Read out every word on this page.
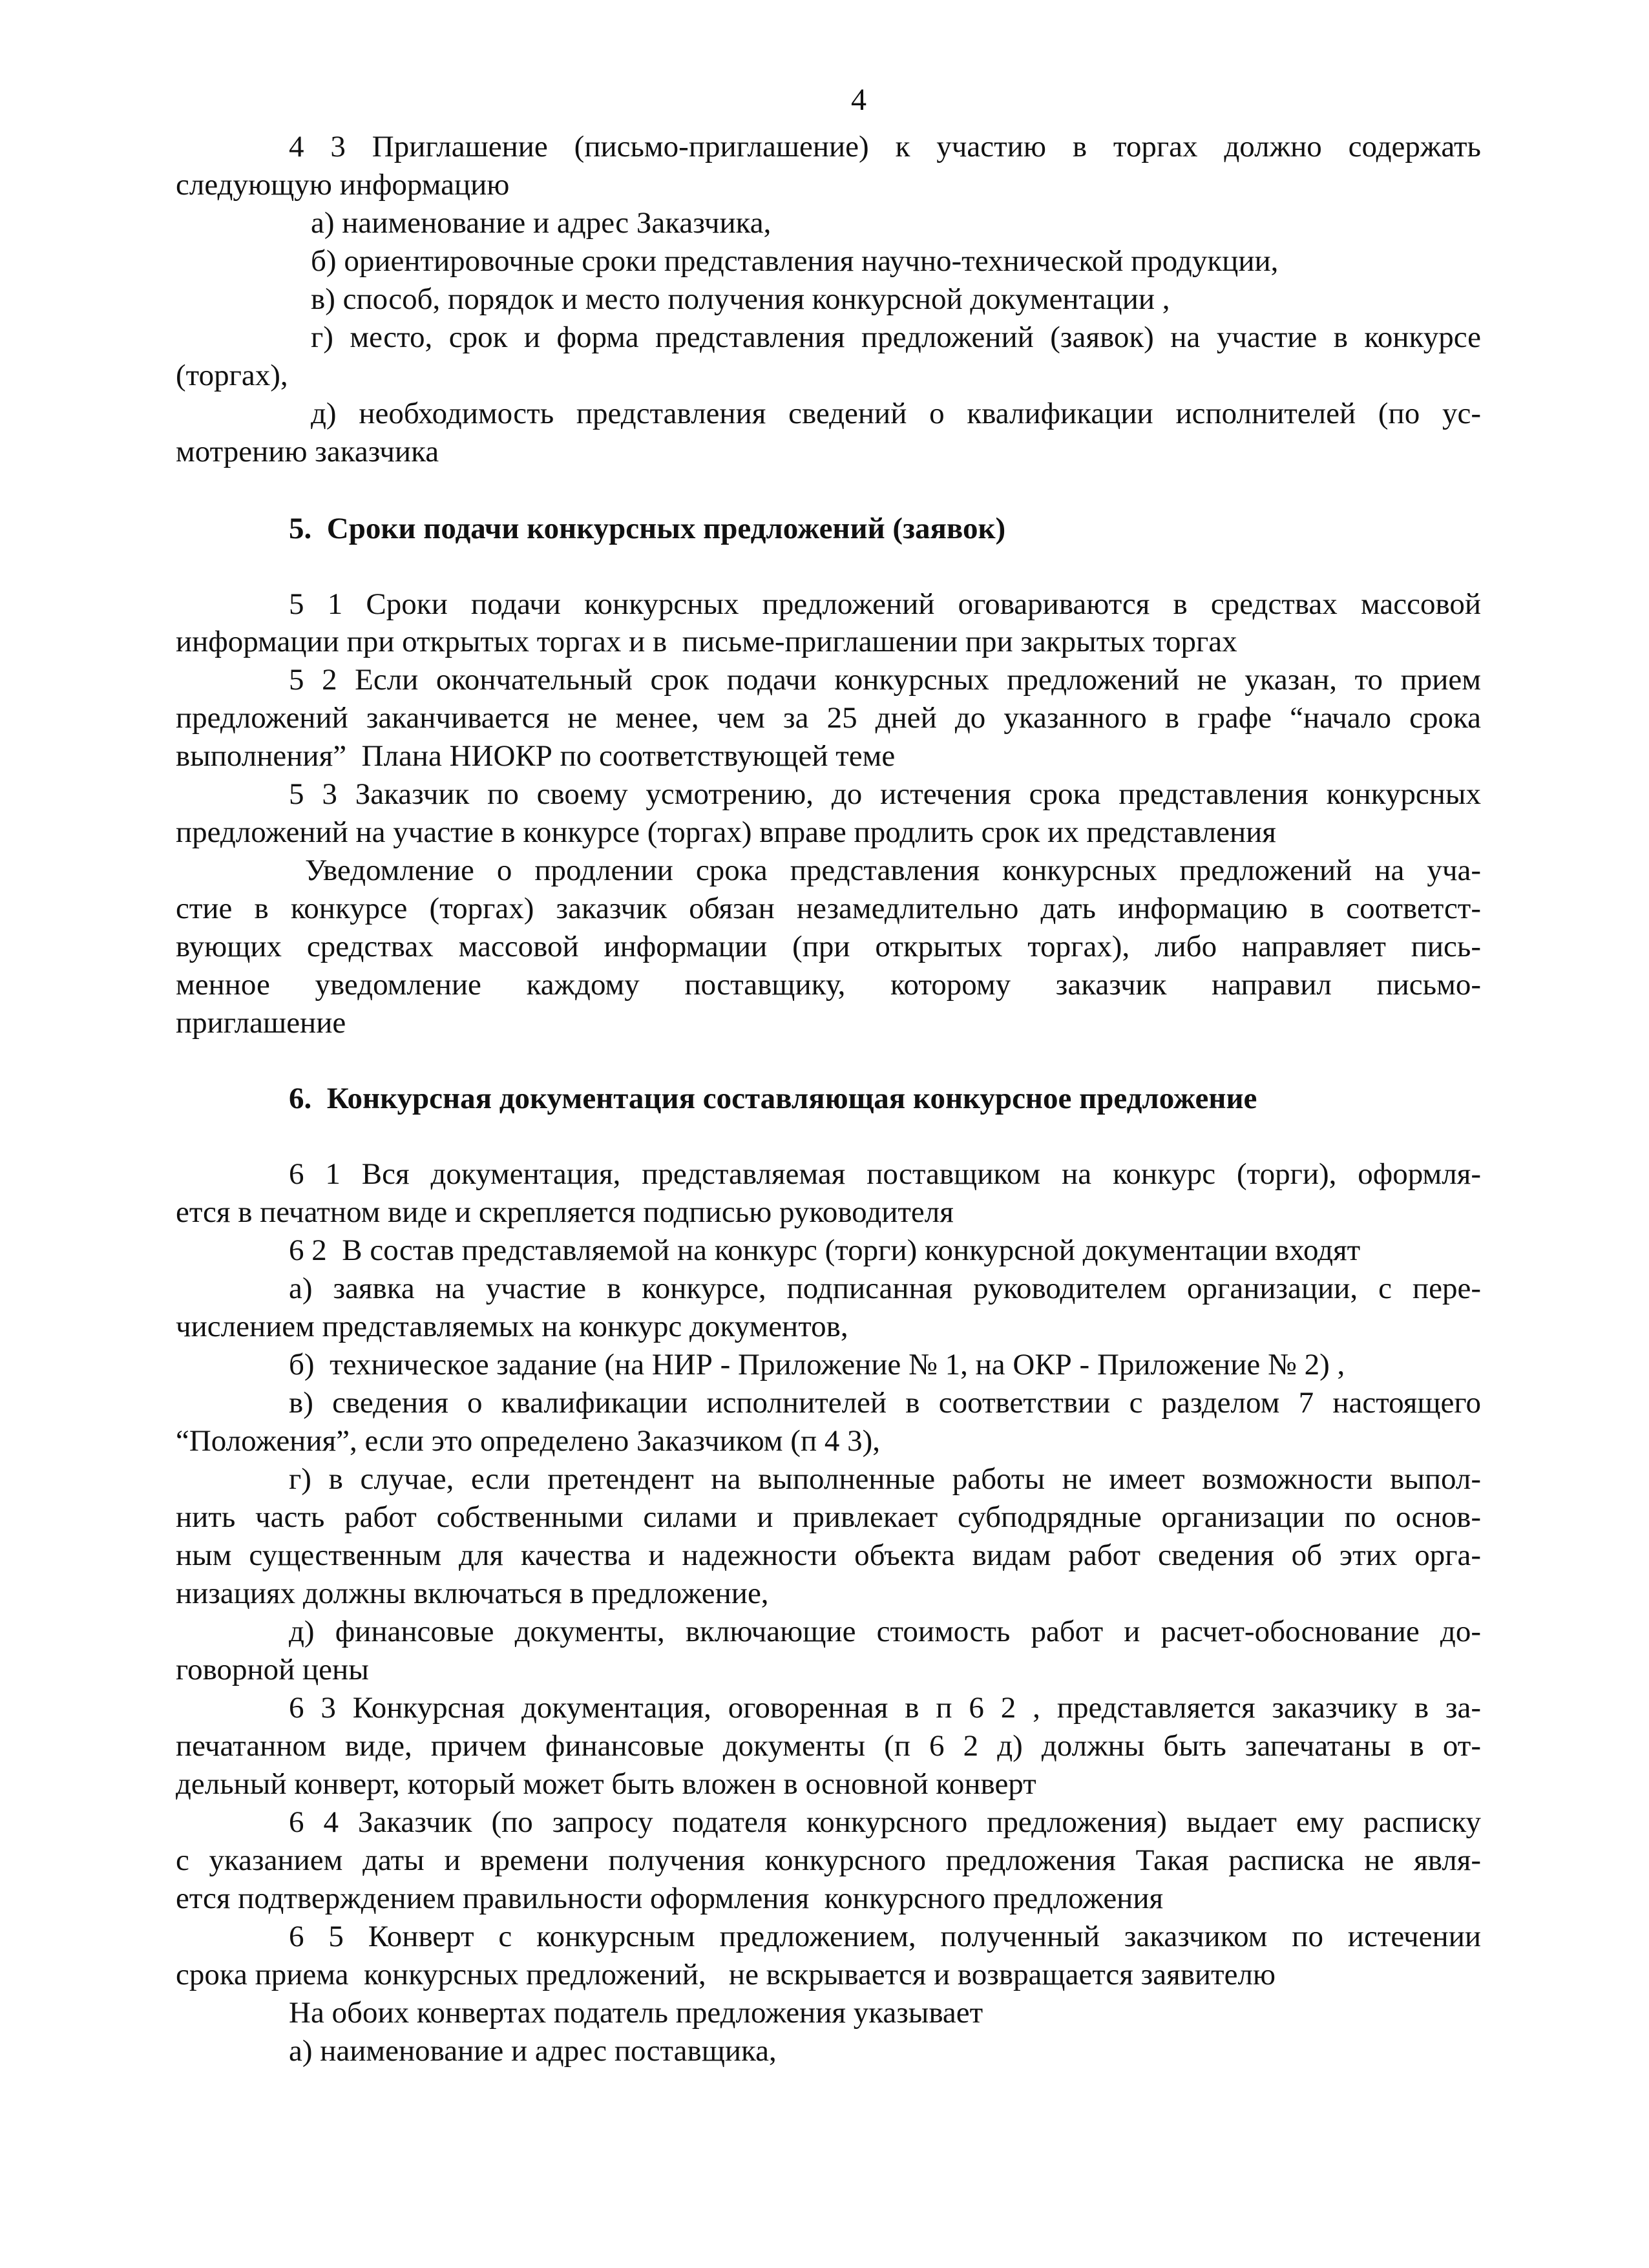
4
4 3 Приглашение (письмо-приглашение) к участию в торгах должно содержать
следующую информацию
а) наименование и адрес Заказчика,
б) ориентировочные сроки представления научно-технической продукции,
в) способ, порядок и место получения конкурсной документации ,
г) место, срок и форма представления предложений (заявок) на участие в конкурсе
(торгах),
д) необходимость представления сведений о квалификации исполнителей (по ус-
мотрению заказчика
5.  Сроки подачи конкурсных предложений (заявок)
5 1 Сроки подачи конкурсных предложений оговариваются в средствах массовой
информации при открытых торгах и в  письме-приглашении при закрытых торгах
5 2 Если окончательный срок подачи конкурсных предложений не указан, то прием
предложений заканчивается не менее, чем за 25 дней до указанного в графе “начало срока
выполнения”  Плана НИОКР по соответствующей теме
5 3 Заказчик по своему усмотрению, до истечения срока представления конкурсных
предложений на участие в конкурсе (торгах) вправе продлить срок их представления
Уведомление о продлении срока представления конкурсных предложений на уча-
стие в конкурсе (торгах) заказчик обязан незамедлительно дать информацию в соответст-
вующих средствах массовой информации (при открытых торгах), либо направляет пись-
менное уведомление каждому поставщику, которому заказчик направил письмо-
приглашение
6.  Конкурсная документация составляющая конкурсное предложение
6 1 Вся документация, представляемая поставщиком на конкурс (торги), оформля-
ется в печатном виде и скрепляется подписью руководителя
6 2  В состав представляемой на конкурс (торги) конкурсной документации входят
а) заявка на участие в конкурсе, подписанная руководителем организации, с пере-
числением представляемых на конкурс документов,
б)  техническое задание (на НИР - Приложение № 1, на ОКР - Приложение № 2) ,
в) сведения о квалификации исполнителей в соответствии с разделом 7 настоящего
“Положения”, если это определено Заказчиком (п 4 3),
г) в случае, если претендент на выполненные работы не имеет возможности выпол-
нить часть работ собственными силами и привлекает субподрядные организации по основ-
ным существенным для качества и надежности объекта видам работ сведения об этих орга-
низациях должны включаться в предложение,
д) финансовые документы, включающие стоимость работ и расчет-обоснование до-
говорной цены
6 3 Конкурсная документация, оговоренная в п 6 2 , представляется заказчику в за-
печатанном виде, причем финансовые документы (п 6 2 д) должны быть запечатаны в от-
дельный конверт, который может быть вложен в основной конверт
6 4 Заказчик (по запросу подателя конкурсного предложения) выдает ему расписку
с указанием даты и времени получения конкурсного предложения Такая расписка не явля-
ется подтверждением правильности оформления  конкурсного предложения
6 5 Конверт с конкурсным предложением, полученный заказчиком по истечении
срока приема  конкурсных предложений,   не вскрывается и возвращается заявителю
На обоих конвертах податель предложения указывает
а) наименование и адрес поставщика,
